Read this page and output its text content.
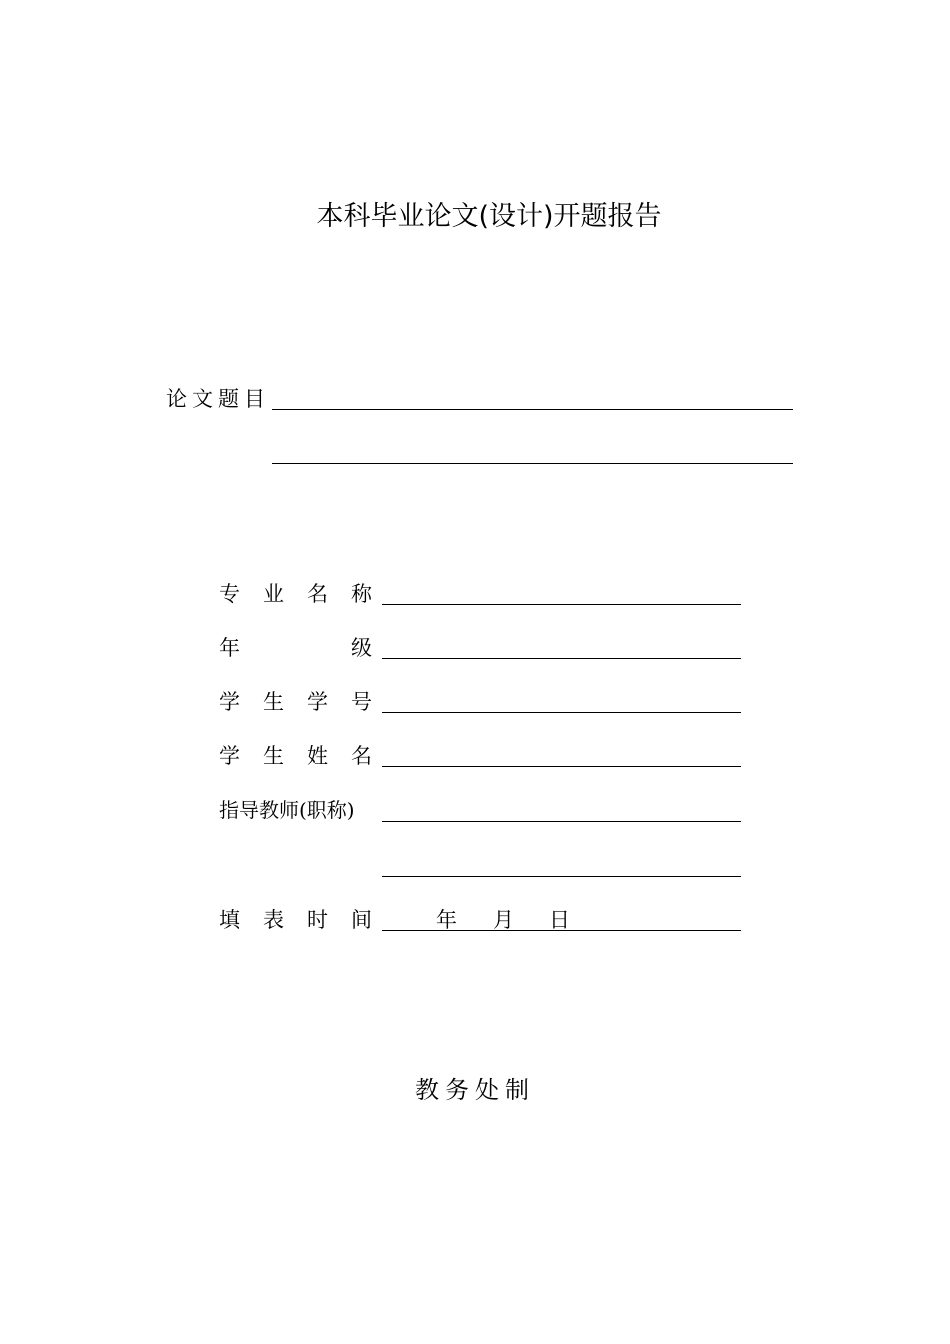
本科毕业论文(设计)开题报告
论 文 题 目
专 业 名 称
年	级
学 生 学 号
学 生 姓 名
指导教师(职称)
填 表 时 间	年 月 日
教务处制
